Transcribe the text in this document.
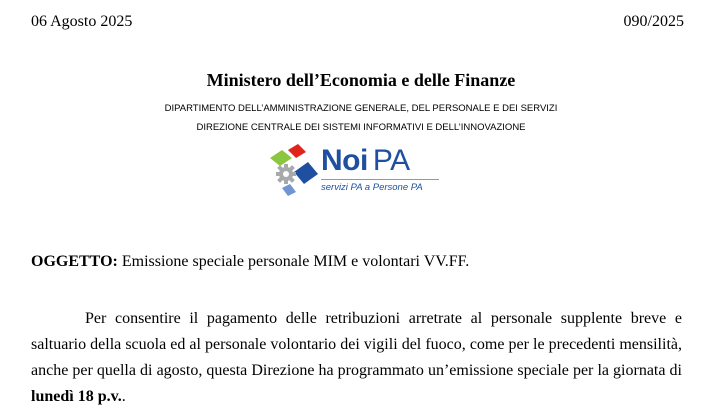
06 Agosto 2025	090/2025
Ministero dell’Economia e delle Finanze
DIPARTIMENTO DELL’AMMINISTRAZIONE GENERALE, DEL PERSONALE E DEI SERVIZI
DIREZIONE CENTRALE DEI SISTEMI INFORMATIVI E DELL’INNOVAZIONE
Noi PA
servizi PA a Persone PA
OGGETTO: Emissione speciale personale MIM e volontari VV.FF.
Per consentire il pagamento delle retribuzioni arretrate al personale supplente breve e
saltuario della scuola ed al personale volontario dei vigili del fuoco, come per le precedenti mensilità,
anche per quella di agosto, questa Direzione ha programmato un’emissione speciale per la giornata di
lunedì 18 p.v..
